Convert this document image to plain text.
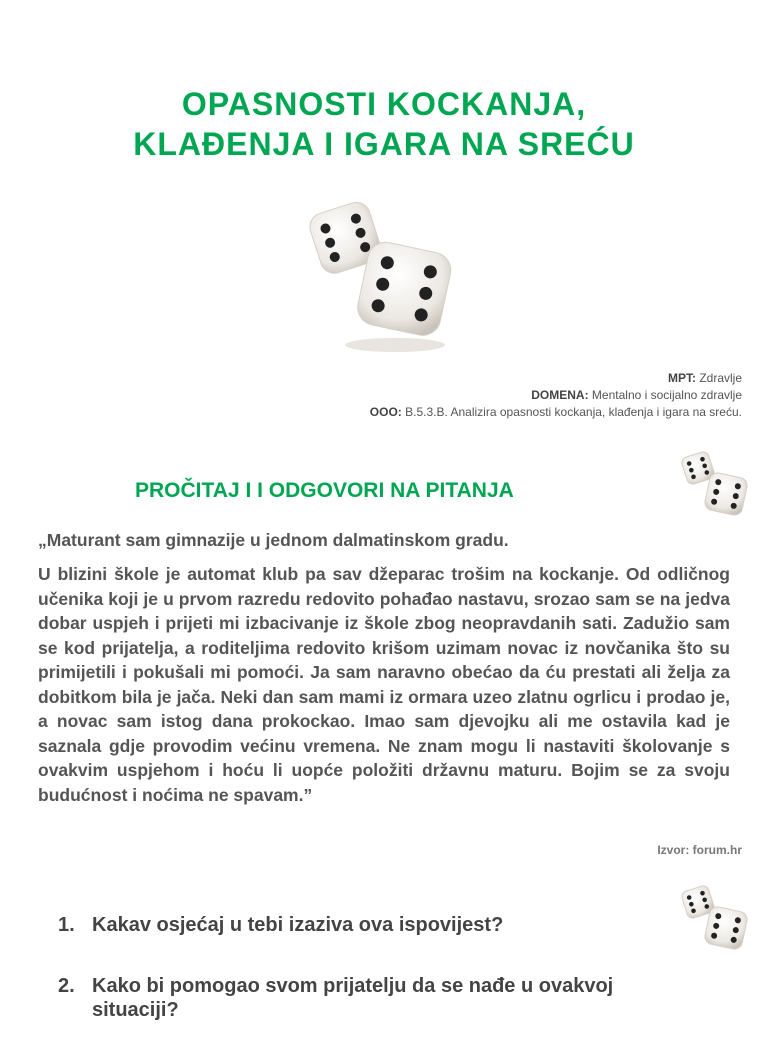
OPASNOSTI KOCKANJA,
KLAĐENJA I IGARA NA SREĆU
MPT: Zdravlje
DOMENA: Mentalno i socijalno zdravlje
OOO: B.5.3.B. Analizira opasnosti kockanja, klađenja i igara na sreću.
PROČITAJ I I ODGOVORI NA PITANJA
„Maturant sam gimnazije u jednom dalmatinskom gradu.
U blizini škole je automat klub pa sav džeparac trošim na kockanje. Od odličnog učenika koji je u prvom razredu redovito pohađao nastavu, srozao sam se na jedva dobar uspjeh i prijeti mi izbacivanje iz škole zbog neopravdanih sati. Zadužio sam se kod prijatelja, a roditeljima redovito krišom uzimam novac iz novčanika što su primijetili i pokušali mi pomoći. Ja sam naravno obećao da ću prestati ali želja za dobitkom bila je jača. Neki dan sam mami iz ormara uzeo zlatnu ogrlicu i prodao je, a novac sam istog dana prokockao. Imao sam djevojku ali me ostavila kad je saznala gdje provodim većinu vremena. Ne znam mogu li nastaviti školovanje s ovakvim uspjehom i hoću li uopće položiti državnu maturu. Bojim se za svoju budućnost i noćima ne spavam.”
Izvor: forum.hr
1. Kakav osjećaj u tebi izaziva ova ispovijest?
2. Kako bi pomogao svom prijatelju da se nađe u ovakvoj situaciji?
